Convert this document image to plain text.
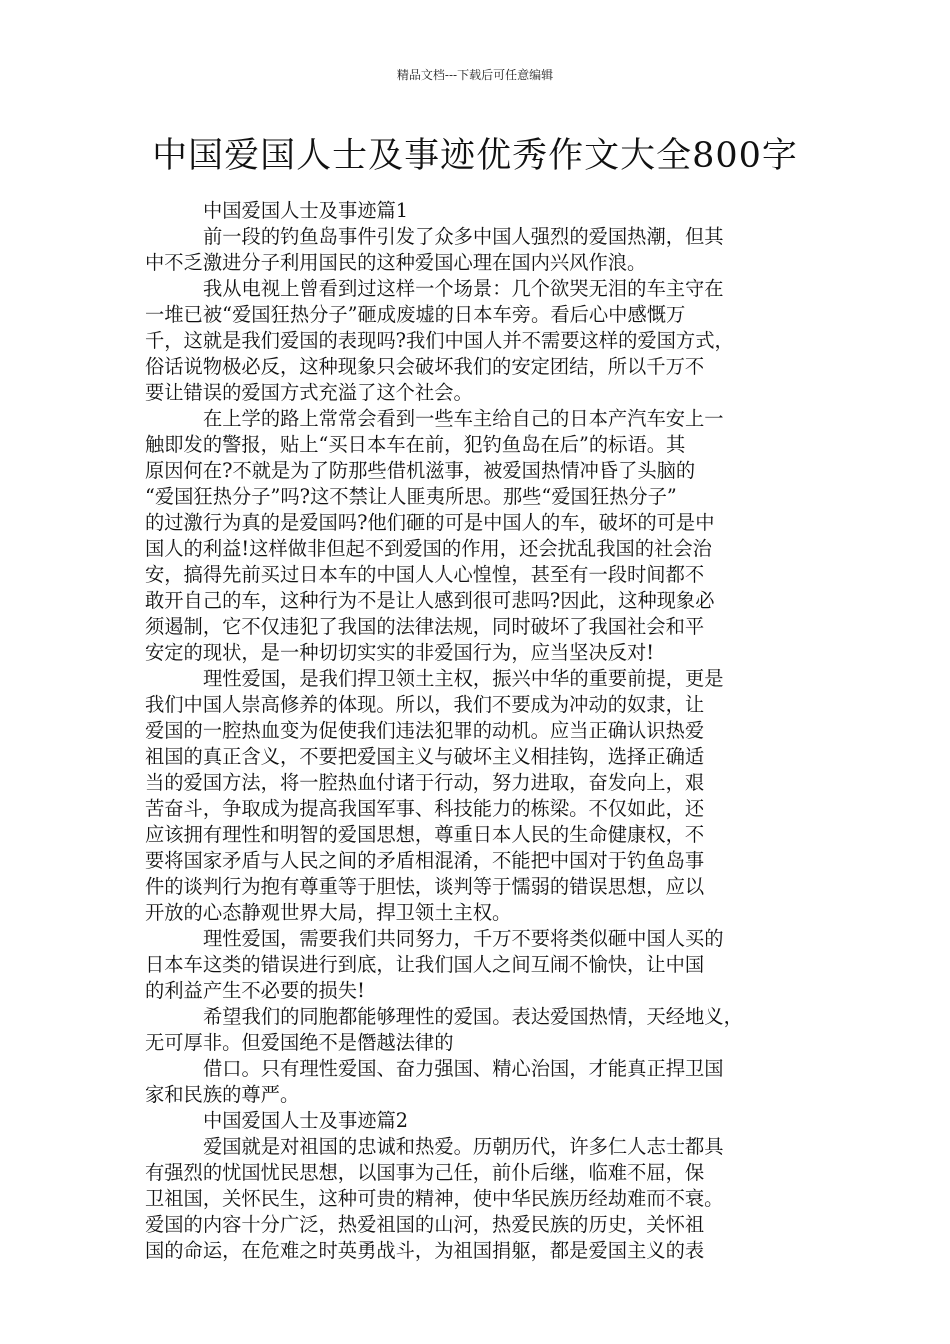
精品文档---下载后可任意编辑
中国爱国人士及事迹优秀作文大全800字
中国爱国人士及事迹篇1
前一段的钓鱼岛事件引发了众多中国人强烈的爱国热潮，但其
中不乏激进分子利用国民的这种爱国心理在国内兴风作浪。
我从电视上曾看到过这样一个场景：几个欲哭无泪的车主守在
一堆已被“爱国狂热分子”砸成废墟的日本车旁。看后心中感慨万
千，这就是我们爱国的表现吗?我们中国人并不需要这样的爱国方式，
俗话说物极必反，这种现象只会破坏我们的安定团结，所以千万不
要让错误的爱国方式充溢了这个社会。
在上学的路上常常会看到一些车主给自己的日本产汽车安上一
触即发的警报，贴上“买日本车在前，犯钓鱼岛在后”的标语。其
原因何在?不就是为了防那些借机滋事，被爱国热情冲昏了头脑的
“爱国狂热分子”吗?这不禁让人匪夷所思。那些“爱国狂热分子”
的过激行为真的是爱国吗?他们砸的可是中国人的车，破坏的可是中
国人的利益!这样做非但起不到爱国的作用，还会扰乱我国的社会治
安，搞得先前买过日本车的中国人人心惶惶，甚至有一段时间都不
敢开自己的车，这种行为不是让人感到很可悲吗?因此，这种现象必
须遏制，它不仅违犯了我国的法律法规，同时破坏了我国社会和平
安定的现状，是一种切切实实的非爱国行为，应当坚决反对!
理性爱国，是我们捍卫领土主权，振兴中华的重要前提，更是
我们中国人崇高修养的体现。所以，我们不要成为冲动的奴隶，让
爱国的一腔热血变为促使我们违法犯罪的动机。应当正确认识热爱
祖国的真正含义，不要把爱国主义与破坏主义相挂钩，选择正确适
当的爱国方法，将一腔热血付诸于行动，努力进取，奋发向上，艰
苦奋斗，争取成为提高我国军事、科技能力的栋梁。不仅如此，还
应该拥有理性和明智的爱国思想，尊重日本人民的生命健康权，不
要将国家矛盾与人民之间的矛盾相混淆，不能把中国对于钓鱼岛事
件的谈判行为抱有尊重等于胆怯，谈判等于懦弱的错误思想，应以
开放的心态静观世界大局，捍卫领土主权。
理性爱国，需要我们共同努力，千万不要将类似砸中国人买的
日本车这类的错误进行到底，让我们国人之间互闹不愉快，让中国
的利益产生不必要的损失!
希望我们的同胞都能够理性的爱国。表达爱国热情，天经地义，
无可厚非。但爱国绝不是僭越法律的
借口。只有理性爱国、奋力强国、精心治国，才能真正捍卫国
家和民族的尊严。
中国爱国人士及事迹篇2
爱国就是对祖国的忠诚和热爱。历朝历代，许多仁人志士都具
有强烈的忧国忧民思想，以国事为己任，前仆后继，临难不屈，保
卫祖国，关怀民生，这种可贵的精神，使中华民族历经劫难而不衰。
爱国的内容十分广泛，热爱祖国的山河，热爱民族的历史，关怀祖
国的命运，在危难之时英勇战斗，为祖国捐躯，都是爱国主义的表
